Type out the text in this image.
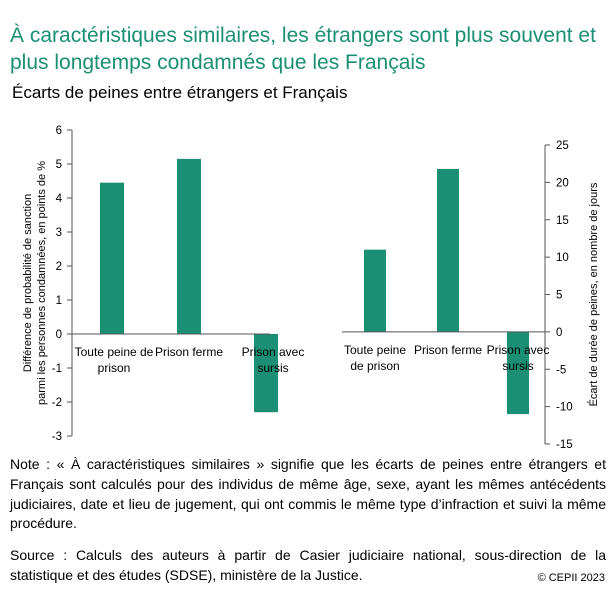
À caractéristiques similaires, les étrangers sont plus souvent et plus longtemps condamnés que les Français
Écarts de peines entre étrangers et Français
6
5
4
3
2
1
0
-1
-2
-3
Toute peine de prison
Prison ferme Prison avec sursis
Différence de probabilité de sanction parmi les personnes condamnées, en points de %
25
20
15
10
5
0
-5
-10
-15
Toute peine de prison
Prison ferme Prison avec sursis	Écart de durée de peines, en nombre de jours

Note : « À caractéristiques similaires » signifie que les écarts de peines entre étrangers et Français sont calculés pour des individus de même âge, sexe, ayant les mêmes antécédents judiciaires, date et lieu de jugement, qui ont commis le même type d’infraction et suivi la même procédure.

Source : Calculs des auteurs à partir de Casier judiciaire national, sous-direction de la statistique et des études (SDSE), ministère de la Justice.	© CEPII 2023
